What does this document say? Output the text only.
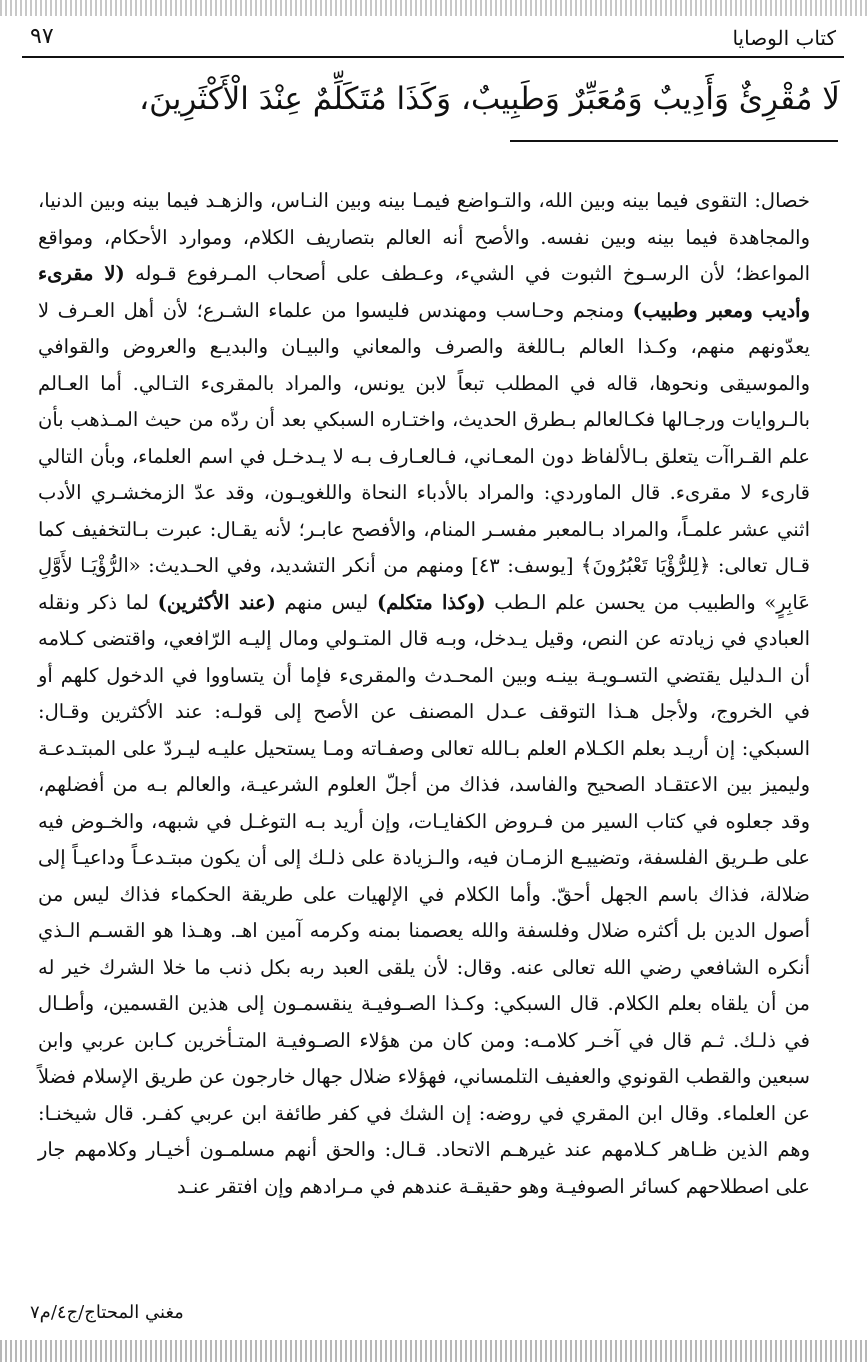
كتاب الوصايا
٩٧
لَا مُقْرِئٌ وَأَدِيبٌ وَمُعَبِّرٌ وَطَبِيبٌ، وَكَذَا مُتَكَلِّمٌ عِنْدَ الْأَكْثَرِينَ،
خصال: التقوى فيما بينه وبين الله، والتـواضع فيمـا بينه وبين النـاس، والزهـد فيما بينه وبين الدنيا، والمجاهدة فيما بينه وبين نفسه. والأصح أنه العالم بتصاريف الكلام، وموارد الأحكام، ومواقع المواعظ؛ لأن الرسـوخ الثبوت في الشيء، وعـطف على أصحاب المـرفوع قـوله (لا مقرىء وأديب ومعبر وطبيب) ومنجم وحـاسب ومهندس فليسوا من علماء الشـرع؛ لأن أهل العـرف لا يعدّونهم منهم، وكـذا العالم بـاللغة والصرف والمعاني والبيـان والبديـع والعروض والقوافي والموسيقى ونحوها، قاله في المطلب تبعاً لابن يونس، والمراد بالمقرىء التـالي. أما العـالم بالـروايات ورجـالها فكـالعالم بـطرق الحديث، واختـاره السبكي بعد أن ردّه من حيث المـذهب بأن علم القـراآت يتعلق بـالألفاظ دون المعـاني، فـالعـارف بـه لا يـدخـل في اسم العلماء، وبأن التالي قارىء لا مقرىء. قال الماوردي: والمراد بالأدباء النحاة واللغويـون، وقد عدّ الزمخشـري الأدب اثني عشر علمـاً، والمراد بـالمعبر مفسـر المنام، والأفصح عابـر؛ لأنه يقـال: عبرت بـالتخفيف كما قـال تعالى: ﴿لِلرُّؤْيَا تَعْبُرُونَ﴾ [يوسف: ٤٣] ومنهم من أنكر التشديد، وفي الحـديث: «الرُّؤْيَـا لأَوَّلِ عَابِرٍ» والطبيب من يحسن علم الـطب (وكذا متكلم) ليس منهم (عند الأكثرين) لما ذكر ونقله العبادي في زيادته عن النص، وقيل يـدخل، وبـه قال المتـولي ومال إليـه الرّافعي، واقتضى كـلامه أن الـدليل يقتضي التسـويـة بينـه وبين المحـدث والمقرىء فإما أن يتساووا في الدخول كلهم أو في الخروج، ولأجل هـذا التوقف عـدل المصنف عن الأصح إلى قولـه: عند الأكثرين وقـال: السبكي: إن أريـد بعلم الكـلام العلم بـالله تعالى وصفـاته ومـا يستحيل عليـه ليـردّ على المبتـدعـة وليميز بين الاعتقـاد الصحيح والفاسد، فذاك من أجلّ العلوم الشرعيـة، والعالم بـه من أفضلهم، وقد جعلوه في كتاب السير من فـروض الكفايـات، وإن أريد بـه التوغـل في شبهه، والخـوض فيه على طـريق الفلسفة، وتضييـع الزمـان فيه، والـزيادة على ذلـك إلى أن يكون مبتـدعـاً وداعيـاً إلى ضلالة، فذاك باسم الجهل أحقّ. وأما الكلام في الإلهيات على طريقة الحكماء فذاك ليس من أصول الدين بل أكثره ضلال وفلسفة والله يعصمنا بمنه وكرمه آمين اهـ. وهـذا هو القسـم الـذي أنكره الشافعي رضي الله تعالى عنه. وقال: لأن يلقى العبد ربه بكل ذنب ما خلا الشرك خير له من أن يلقاه بعلم الكلام. قال السبكي: وكـذا الصـوفيـة ينقسمـون إلى هذين القسمين، وأطـال في ذلـك. ثـم قال في آخـر كلامـه: ومن كان من هؤلاء الصـوفيـة المتـأخرين كـابن عربي وابن سبعين والقطب القونوي والعفيف التلمساني، فهؤلاء ضلال جهال خارجون عن طريق الإسلام فضلاً عن العلماء. وقال ابن المقري في روضه: إن الشك في كفر طائفة ابن عربي كفـر. قال شيخنـا: وهم الذين ظـاهر كـلامهم عند غيرهـم الاتحاد. قـال: والحق أنهم مسلمـون أخيـار وكلامهم جار على اصطلاحهم كسائر الصوفيـة وهو حقيقـة عندهم في مـرادهم وإن افتقر عنـد
مغني المحتاج/ج٤/م٧
